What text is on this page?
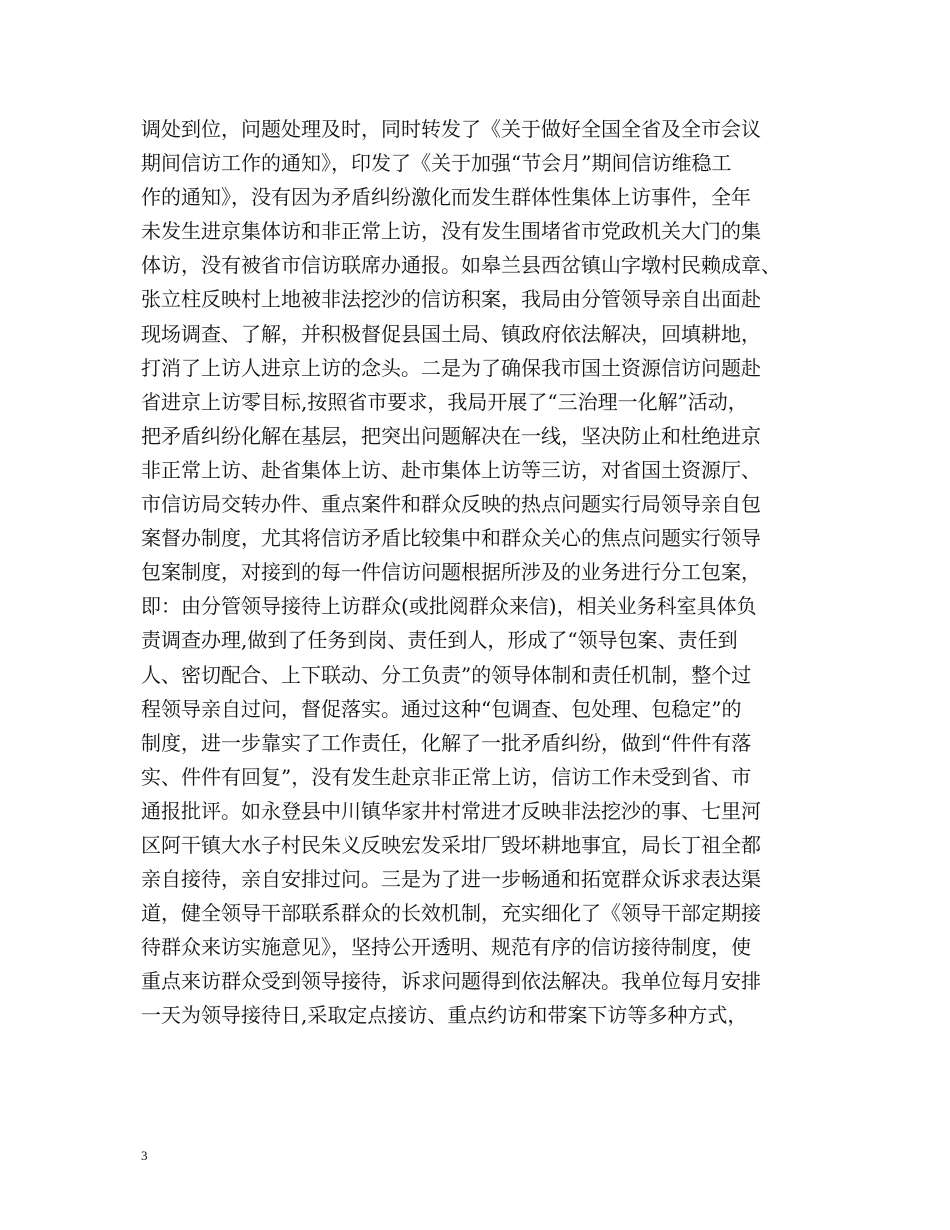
调处到位，问题处理及时，同时转发了《关于做好全国全省及全市会议
期间信访工作的通知》，印发了《关于加强“节会月”期间信访维稳工
作的通知》，没有因为矛盾纠纷激化而发生群体性集体上访事件，全年
未发生进京集体访和非正常上访，没有发生围堵省市党政机关大门的集
体访，没有被省市信访联席办通报。如皋兰县西岔镇山字墩村民赖成章、
张立柱反映村上地被非法挖沙的信访积案，我局由分管领导亲自出面赴
现场调查、了解，并积极督促县国土局、镇政府依法解决，回填耕地，
打消了上访人进京上访的念头。二是为了确保我市国土资源信访问题赴
省进京上访零目标,按照省市要求，我局开展了“三治理一化解”活动，
把矛盾纠纷化解在基层，把突出问题解决在一线，坚决防止和杜绝进京
非正常上访、赴省集体上访、赴市集体上访等三访，对省国土资源厅、
市信访局交转办件、重点案件和群众反映的热点问题实行局领导亲自包
案督办制度，尤其将信访矛盾比较集中和群众关心的焦点问题实行领导
包案制度，对接到的每一件信访问题根据所涉及的业务进行分工包案，
即：由分管领导接待上访群众(或批阅群众来信)，相关业务科室具体负
责调查办理,做到了任务到岗、责任到人，形成了“领导包案、责任到
人、密切配合、上下联动、分工负责”的领导体制和责任机制，整个过
程领导亲自过问，督促落实。通过这种“包调查、包处理、包稳定”的
制度，进一步靠实了工作责任，化解了一批矛盾纠纷，做到“件件有落
实、件件有回复”，没有发生赴京非正常上访，信访工作未受到省、市
通报批评。如永登县中川镇华家井村常进才反映非法挖沙的事、七里河
区阿干镇大水子村民朱义反映宏发采坩厂毁坏耕地事宜，局长丁祖全都
亲自接待，亲自安排过问。三是为了进一步畅通和拓宽群众诉求表达渠
道，健全领导干部联系群众的长效机制，充实细化了《领导干部定期接
待群众来访实施意见》，坚持公开透明、规范有序的信访接待制度，使
重点来访群众受到领导接待，诉求问题得到依法解决。我单位每月安排
一天为领导接待日,采取定点接访、重点约访和带案下访等多种方式，
3
